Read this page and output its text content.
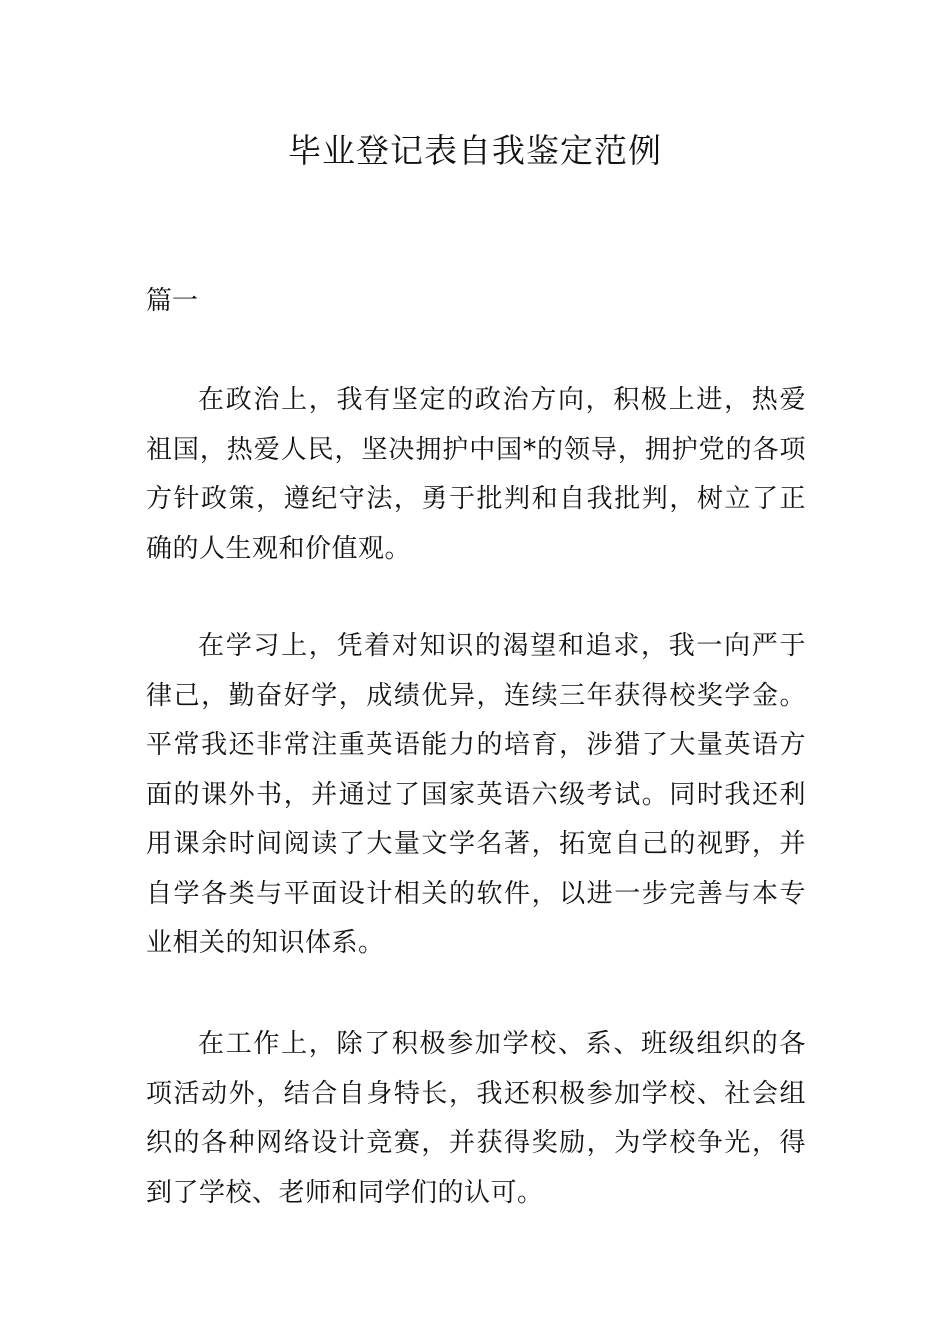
毕业登记表自我鉴定范例

篇一

在政治上，我有坚定的政治方向，积极上进，热爱祖国，热爱人民，坚决拥护中国*的领导，拥护党的各项方针政策，遵纪守法，勇于批判和自我批判，树立了正确的人生观和价值观。

在学习上，凭着对知识的渴望和追求，我一向严于律己，勤奋好学，成绩优异，连续三年获得校奖学金。平常我还非常注重英语能力的培育，涉猎了大量英语方面的课外书，并通过了国家英语六级考试。同时我还利用课余时间阅读了大量文学名著，拓宽自己的视野，并自学各类与平面设计相关的软件，以进一步完善与本专业相关的知识体系。

在工作上，除了积极参加学校、系、班级组织的各项活动外，结合自身特长，我还积极参加学校、社会组织的各种网络设计竞赛，并获得奖励，为学校争光，得到了学校、老师和同学们的认可。
